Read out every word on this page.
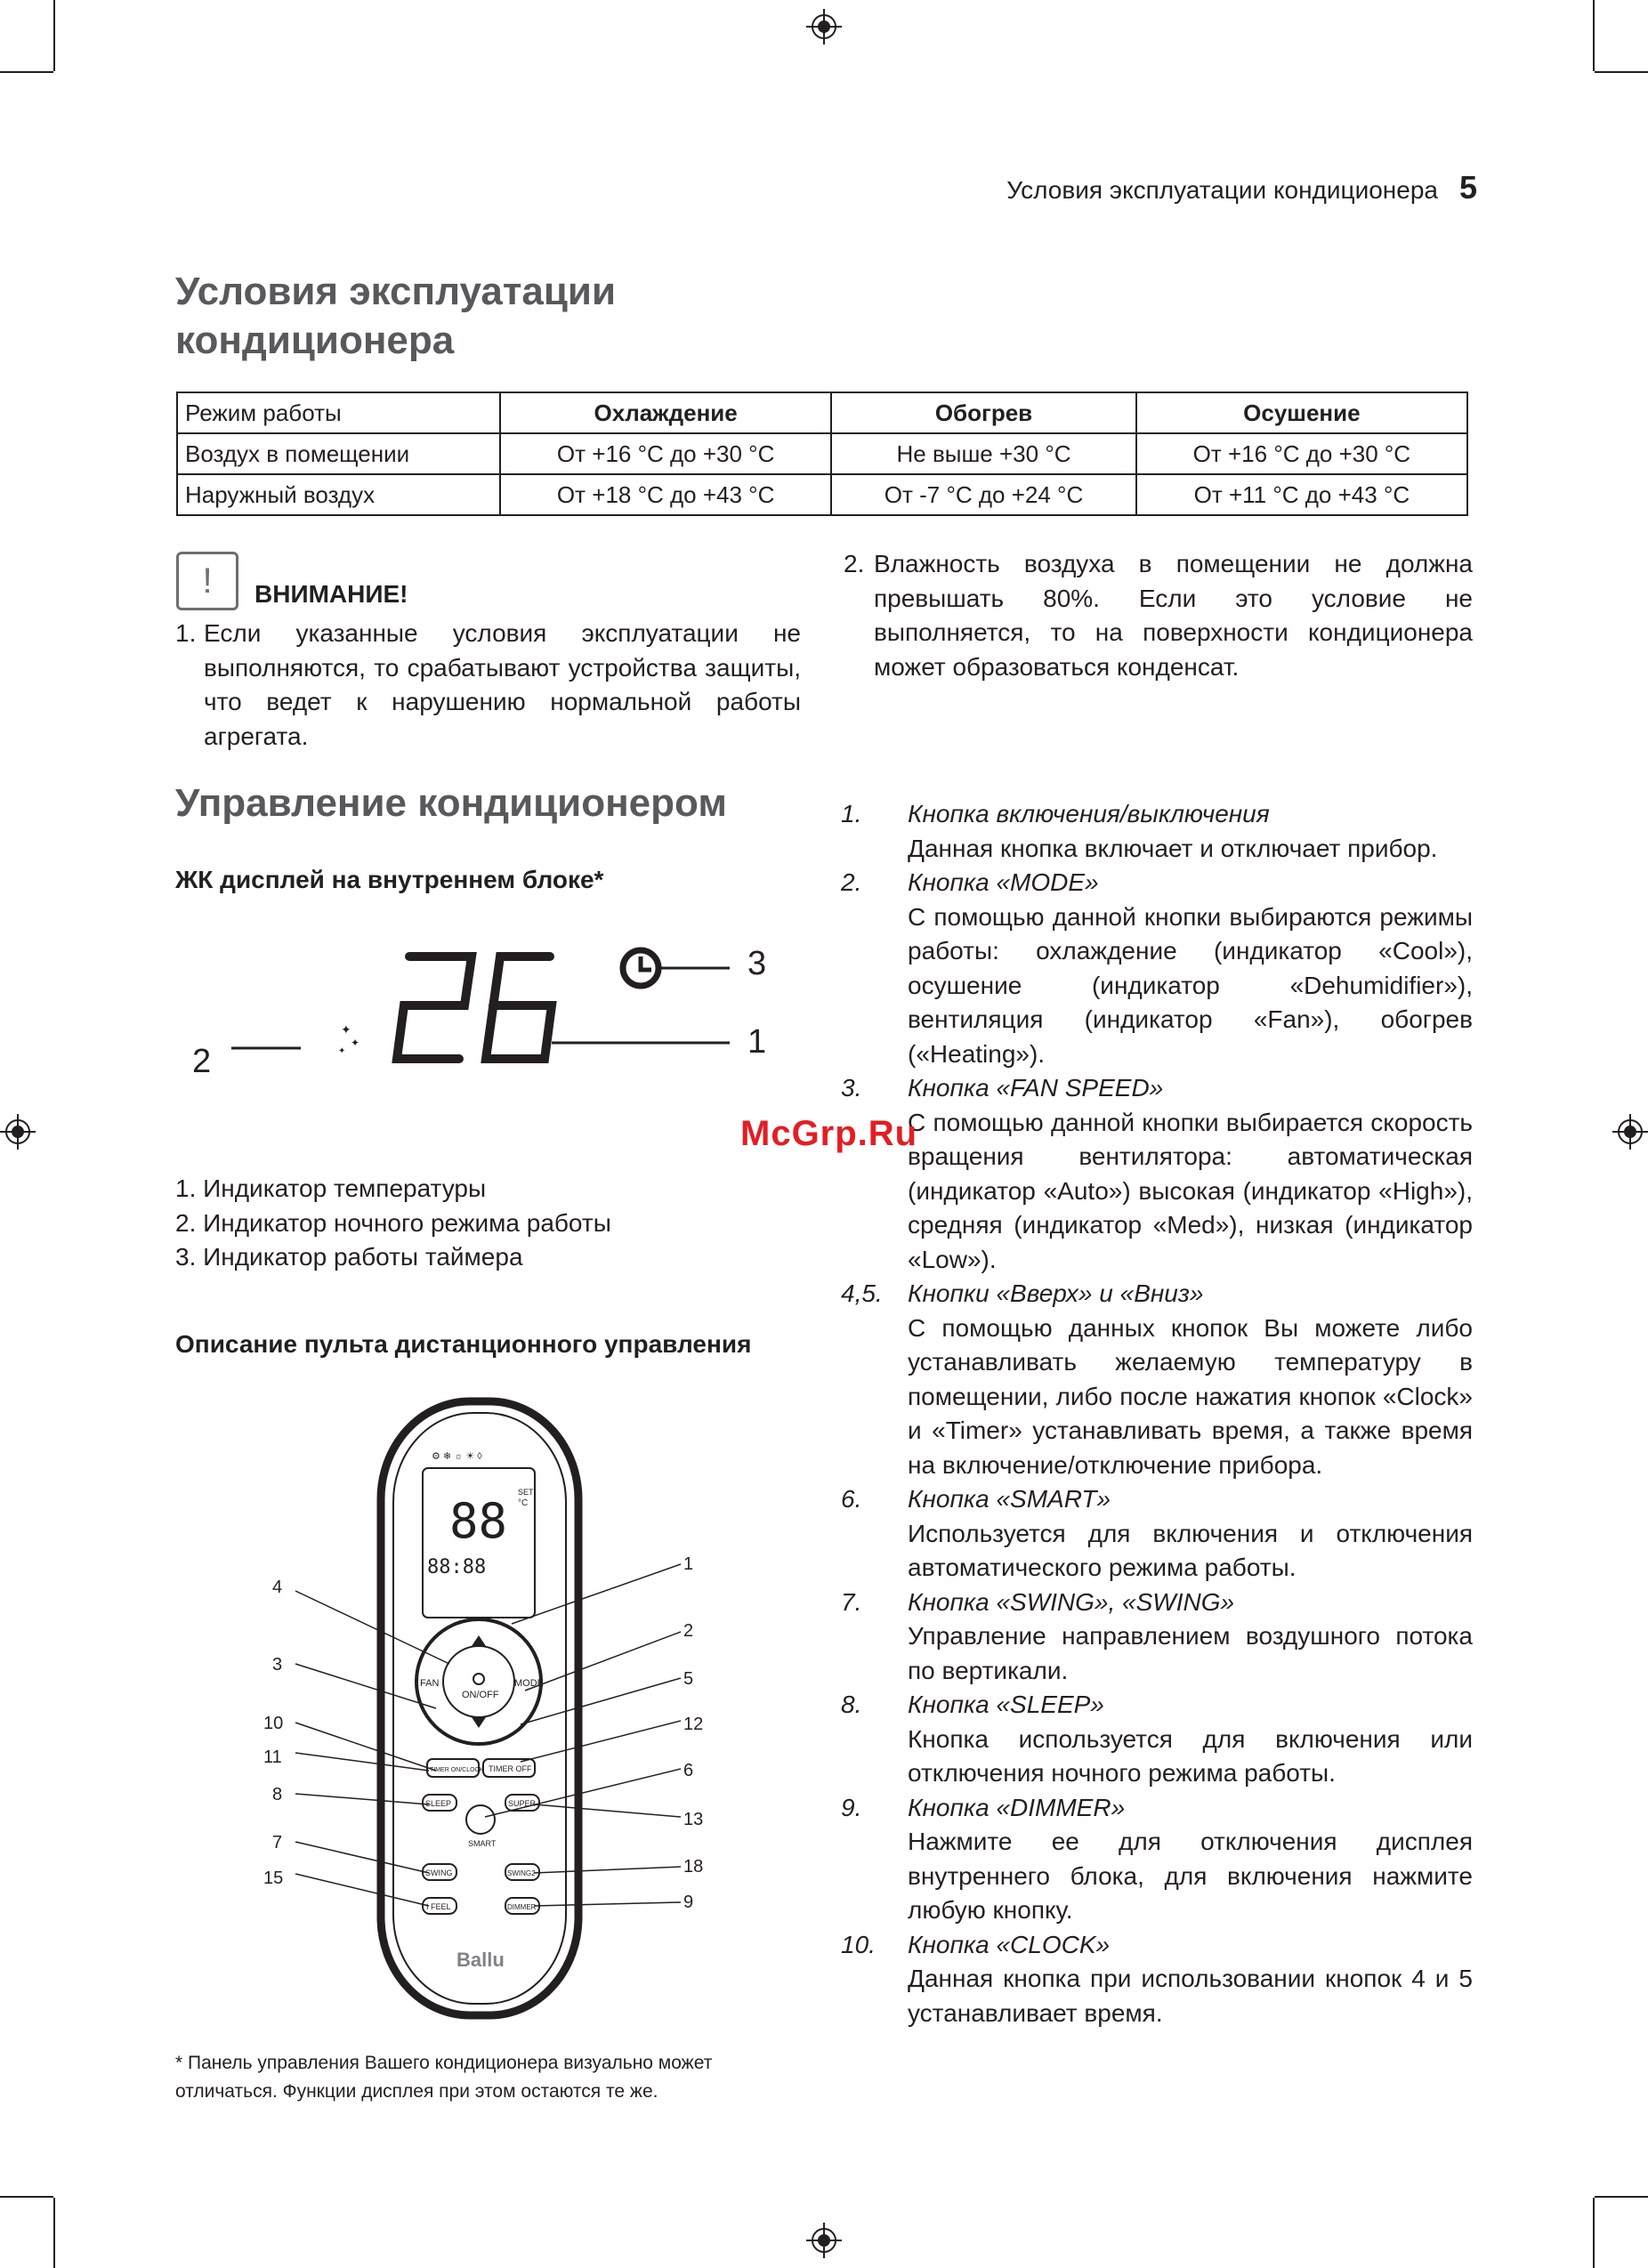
Условия эксплуатации кондиционера 5
Условия эксплуатации кондиционера
Режим работы	Охлаждение	Обогрев	Осушение
Воздух в помещении	От +16 °С до +30 °С	Не выше +30 °С	От +16 °С до +30 °С
Наружный воздух	От +18 °С до +43 °С	От -7 °С до +24 °С	От +11 °С до +43 °С
!	ВНИМАНИЕ!
1. Если указанные условия эксплуатации не выполняются, то срабатывают устройства защиты, что ведет к нарушению нормальной работы агрегата.
2. Влажность воздуха в помещении не должна превышать 80%. Если это условие не выполняется, то на поверхности кондиционера может образоваться конденсат.
Управление кондиционером
ЖК дисплей на внутреннем блоке*
✦
✦
✦
3
1
2
1. Индикатор температуры
2. Индикатор ночного режима работы
3. Индикатор работы таймера
Описание пульта дистанционного управления
⚙ ❄ ☼ ☀ ◊
88
SET
°C
88:88
ON/OFF
FAN	MODE
TIMER ON/CLOCK TIMER OFF
SLEEP	SUPER
SMART
SWING	SWING2
I FEEL	DIMMER
Ballu
4
3
10
11
8
7
15
1
2
5
12
6
13
18
9
* Панель управления Вашего кондиционера визуально может отличаться. Функции дисплея при этом остаются те же.
1.	Кнопка включения/выключения
Данная кнопка включает и отключает прибор.
2.	Кнопка «MODE»
С помощью данной кнопки выбираются режимы работы: охлаждение (индикатор «Cool»), осушение (индикатор «Dehumidifier»), вентиляция (индикатор «Fan»), обогрев («Heating»).
3.	Кнопка «FAN SPEED»
С помощью данной кнопки выбирается скорость вращения вентилятора: автоматическая (индикатор «Auto») высокая (индикатор «High»), средняя (индикатор «Med»), низкая (индикатор «Low»).
4,5.	Кнопки «Вверх» и «Вниз»
С помощью данных кнопок Вы можете либо устанавливать желаемую температуру в помещении, либо после нажатия кнопок «Clock» и «Timer» устанавливать время, а также время на включение/отключение прибора.
6.	Кнопка «SMART»
Используется для включения и отключения автоматического режима работы.
7.	Кнопка «SWING», «SWING»
Управление направлением воздушного потока по вертикали.
8.	Кнопка «SLEEP»
Кнопка используется для включения или отключения ночного режима работы.
9.	Кнопка «DIMMER»
Нажмите ее для отключения дисплея внутреннего блока, для включения нажмите любую кнопку.
10.	Кнопка «CLOCK»
Данная кнопка при использовании кнопок 4 и 5 устанавливает время.
McGrp.Ru
